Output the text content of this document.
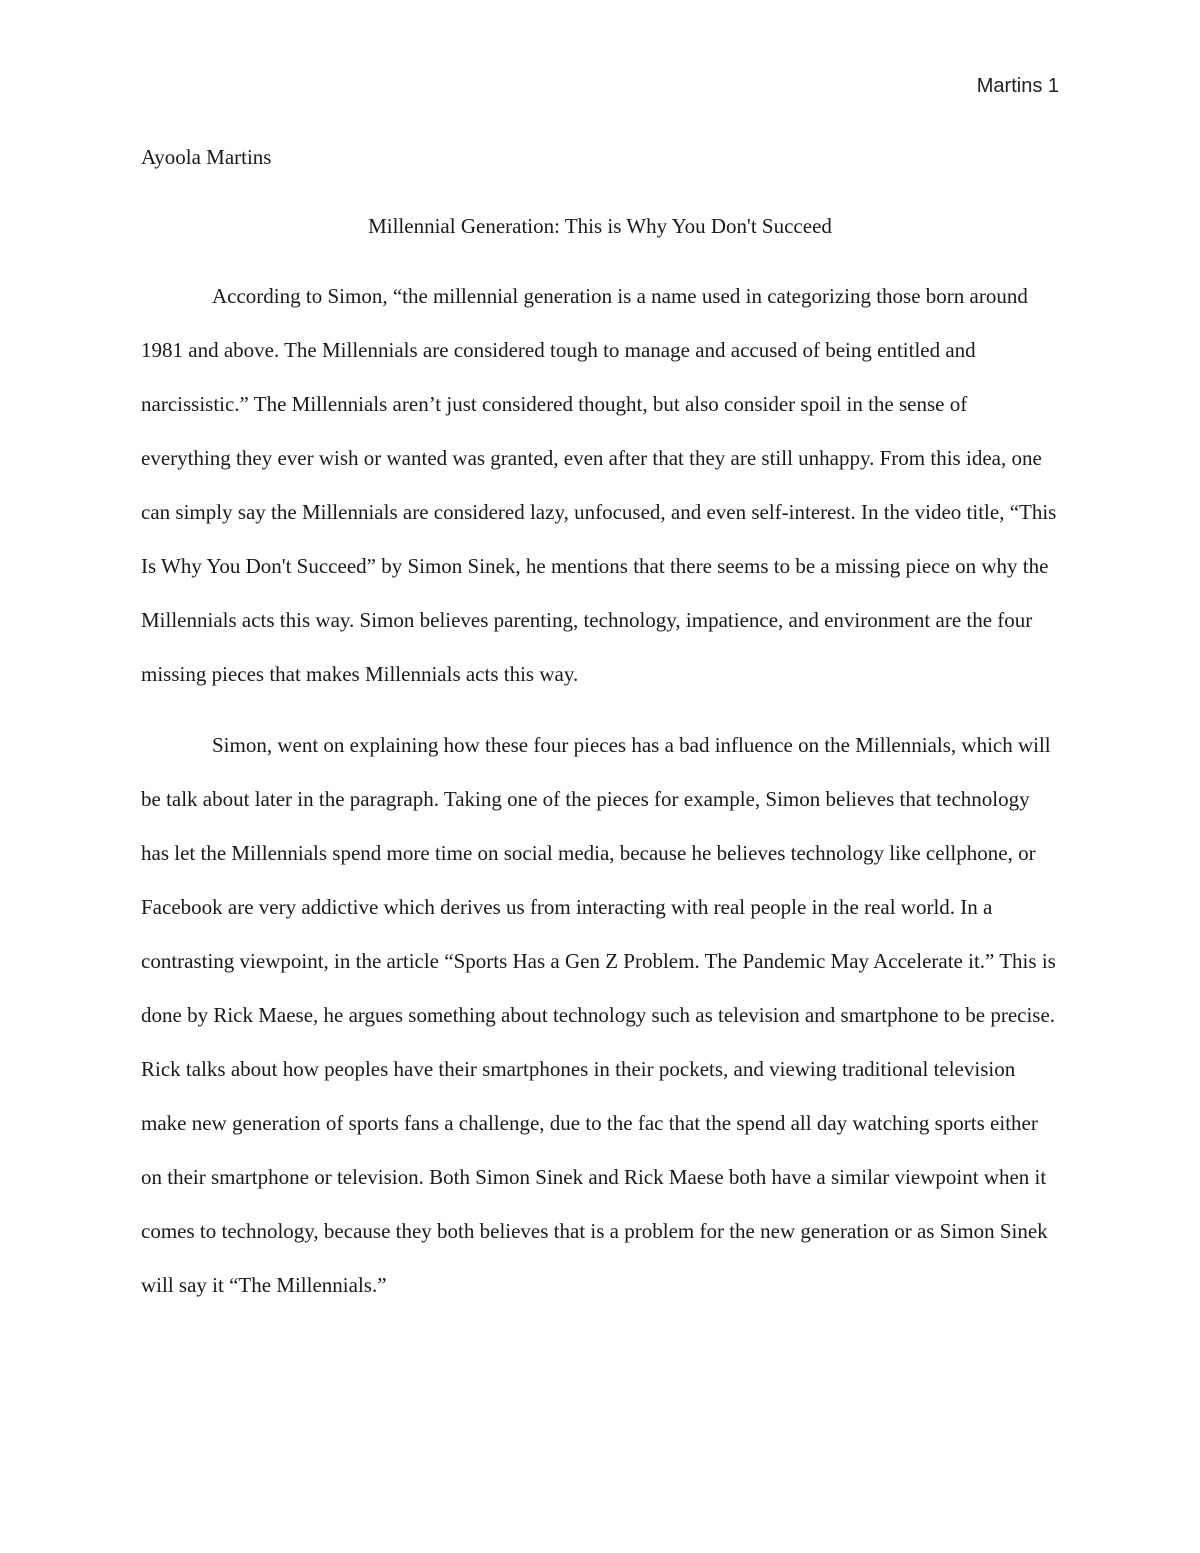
Martins 1
Ayoola Martins
Millennial Generation: This is Why You Don't Succeed

According to Simon, “the millennial generation is a name used in categorizing those born around 1981 and above. The Millennials are considered tough to manage and accused of being entitled and narcissistic.” The Millennials aren’t just considered thought, but also consider spoil in the sense of everything they ever wish or wanted was granted, even after that they are still unhappy. From this idea, one can simply say the Millennials are considered lazy, unfocused, and even self-interest. In the video title, “This Is Why You Don't Succeed” by Simon Sinek, he mentions that there seems to be a missing piece on why the Millennials acts this way. Simon believes parenting, technology, impatience, and environment are the four missing pieces that makes Millennials acts this way.

Simon, went on explaining how these four pieces has a bad influence on the Millennials, which will be talk about later in the paragraph. Taking one of the pieces for example, Simon believes that technology has let the Millennials spend more time on social media, because he believes technology like cellphone, or Facebook are very addictive which derives us from interacting with real people in the real world. In a contrasting viewpoint, in the article “Sports Has a Gen Z Problem. The Pandemic May Accelerate it.” This is done by Rick Maese, he argues something about technology such as television and smartphone to be precise. Rick talks about how peoples have their smartphones in their pockets, and viewing traditional television make new generation of sports fans a challenge, due to the fac that the spend all day watching sports either on their smartphone or television. Both Simon Sinek and Rick Maese both have a similar viewpoint when it comes to technology, because they both believes that is a problem for the new generation or as Simon Sinek will say it “The Millennials.”
